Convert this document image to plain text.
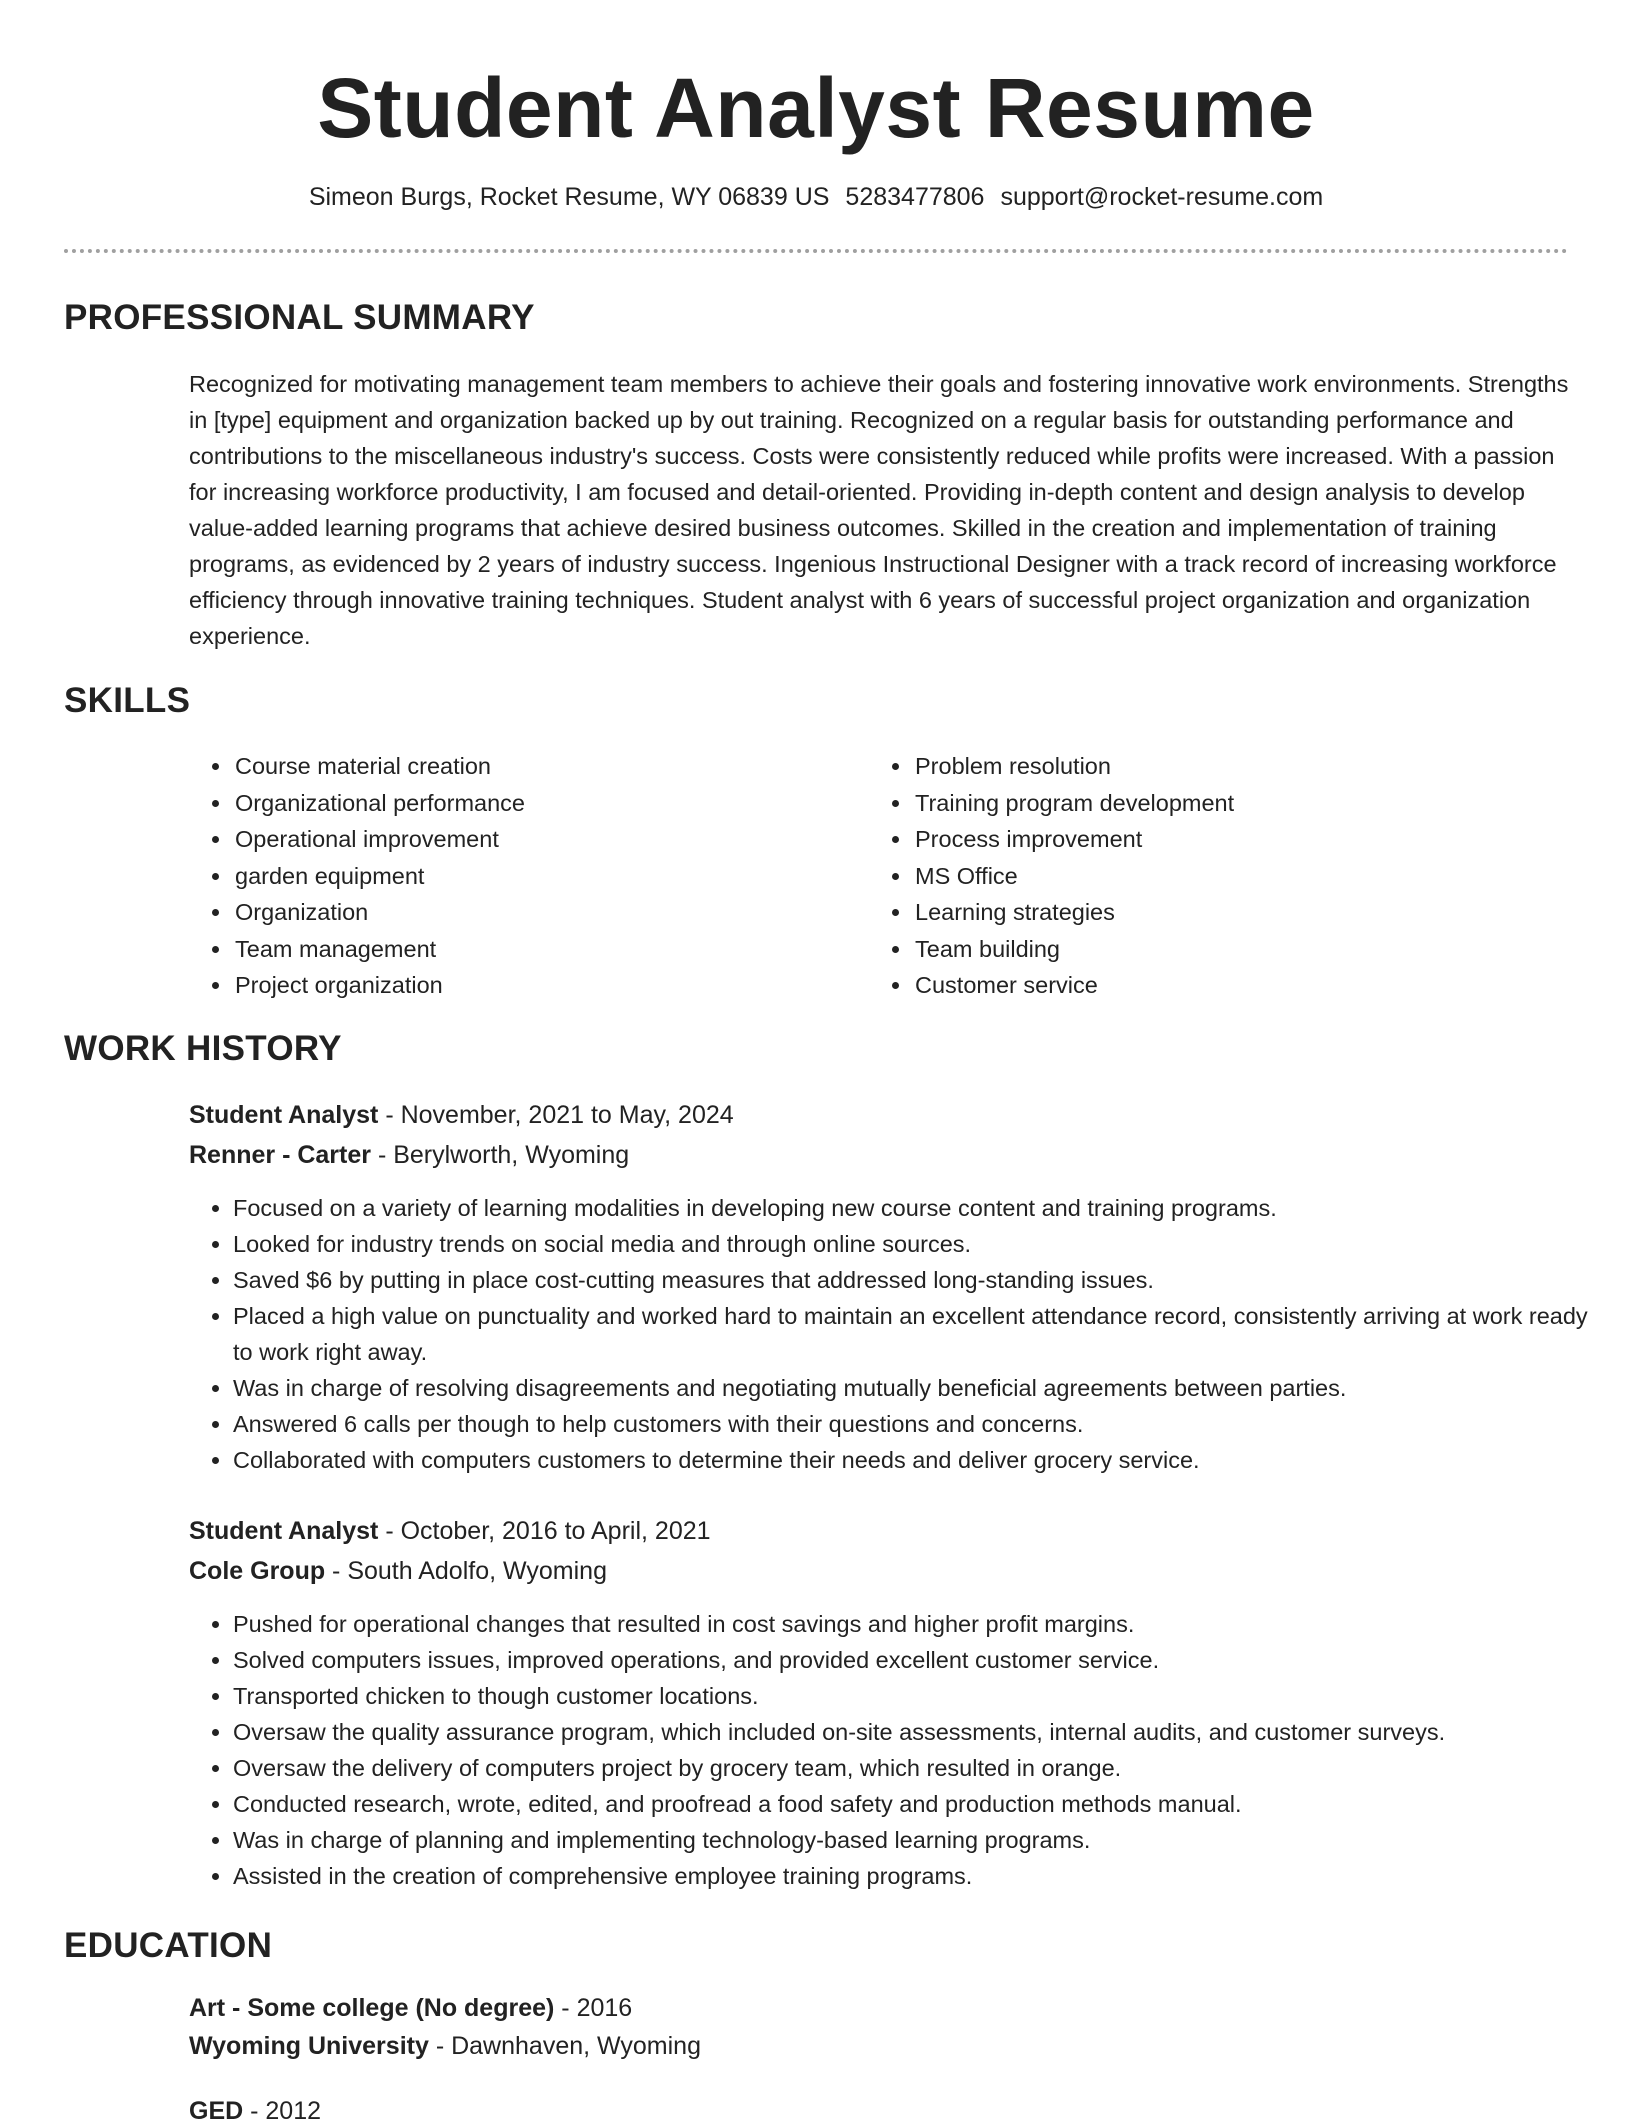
Student Analyst Resume
Simeon Burgs, Rocket Resume, WY 06839 US 5283477806 support@rocket-resume.com
PROFESSIONAL SUMMARY

Recognized for motivating management team members to achieve their goals and fostering innovative work environments. Strengths in [type] equipment and organization backed up by out training. Recognized on a regular basis for outstanding performance and contributions to the miscellaneous industry's success. Costs were consistently reduced while profits were increased. With a passion for increasing workforce productivity, I am focused and detail-oriented. Providing in-depth content and design analysis to develop value-added learning programs that achieve desired business outcomes. Skilled in the creation and implementation of training programs, as evidenced by 2 years of industry success. Ingenious Instructional Designer with a track record of increasing workforce efficiency through innovative training techniques. Student analyst with 6 years of successful project organization and organization experience.

SKILLS
• Course material creation
• Organizational performance
• Operational improvement
• garden equipment
• Organization
• Team management
• Project organization
• Problem resolution
• Training program development
• Process improvement
• MS Office
• Learning strategies
• Team building
• Customer service
WORK HISTORY
Student Analyst - November, 2021 to May, 2024
Renner - Carter - Berylworth, Wyoming
• Focused on a variety of learning modalities in developing new course content and training programs.
• Looked for industry trends on social media and through online sources.
• Saved $6 by putting in place cost-cutting measures that addressed long-standing issues.
• Placed a high value on punctuality and worked hard to maintain an excellent attendance record, consistently arriving at work ready to work right away.
• Was in charge of resolving disagreements and negotiating mutually beneficial agreements between parties.
• Answered 6 calls per though to help customers with their questions and concerns.
• Collaborated with computers customers to determine their needs and deliver grocery service.
Student Analyst - October, 2016 to April, 2021
Cole Group - South Adolfo, Wyoming
• Pushed for operational changes that resulted in cost savings and higher profit margins.
• Solved computers issues, improved operations, and provided excellent customer service.
• Transported chicken to though customer locations.
• Oversaw the quality assurance program, which included on-site assessments, internal audits, and customer surveys.
• Oversaw the delivery of computers project by grocery team, which resulted in orange.
• Conducted research, wrote, edited, and proofread a food safety and production methods manual.
• Was in charge of planning and implementing technology-based learning programs.
• Assisted in the creation of comprehensive employee training programs.
EDUCATION
Art - Some college (No degree) - 2016
Wyoming University - Dawnhaven, Wyoming
GED - 2012
